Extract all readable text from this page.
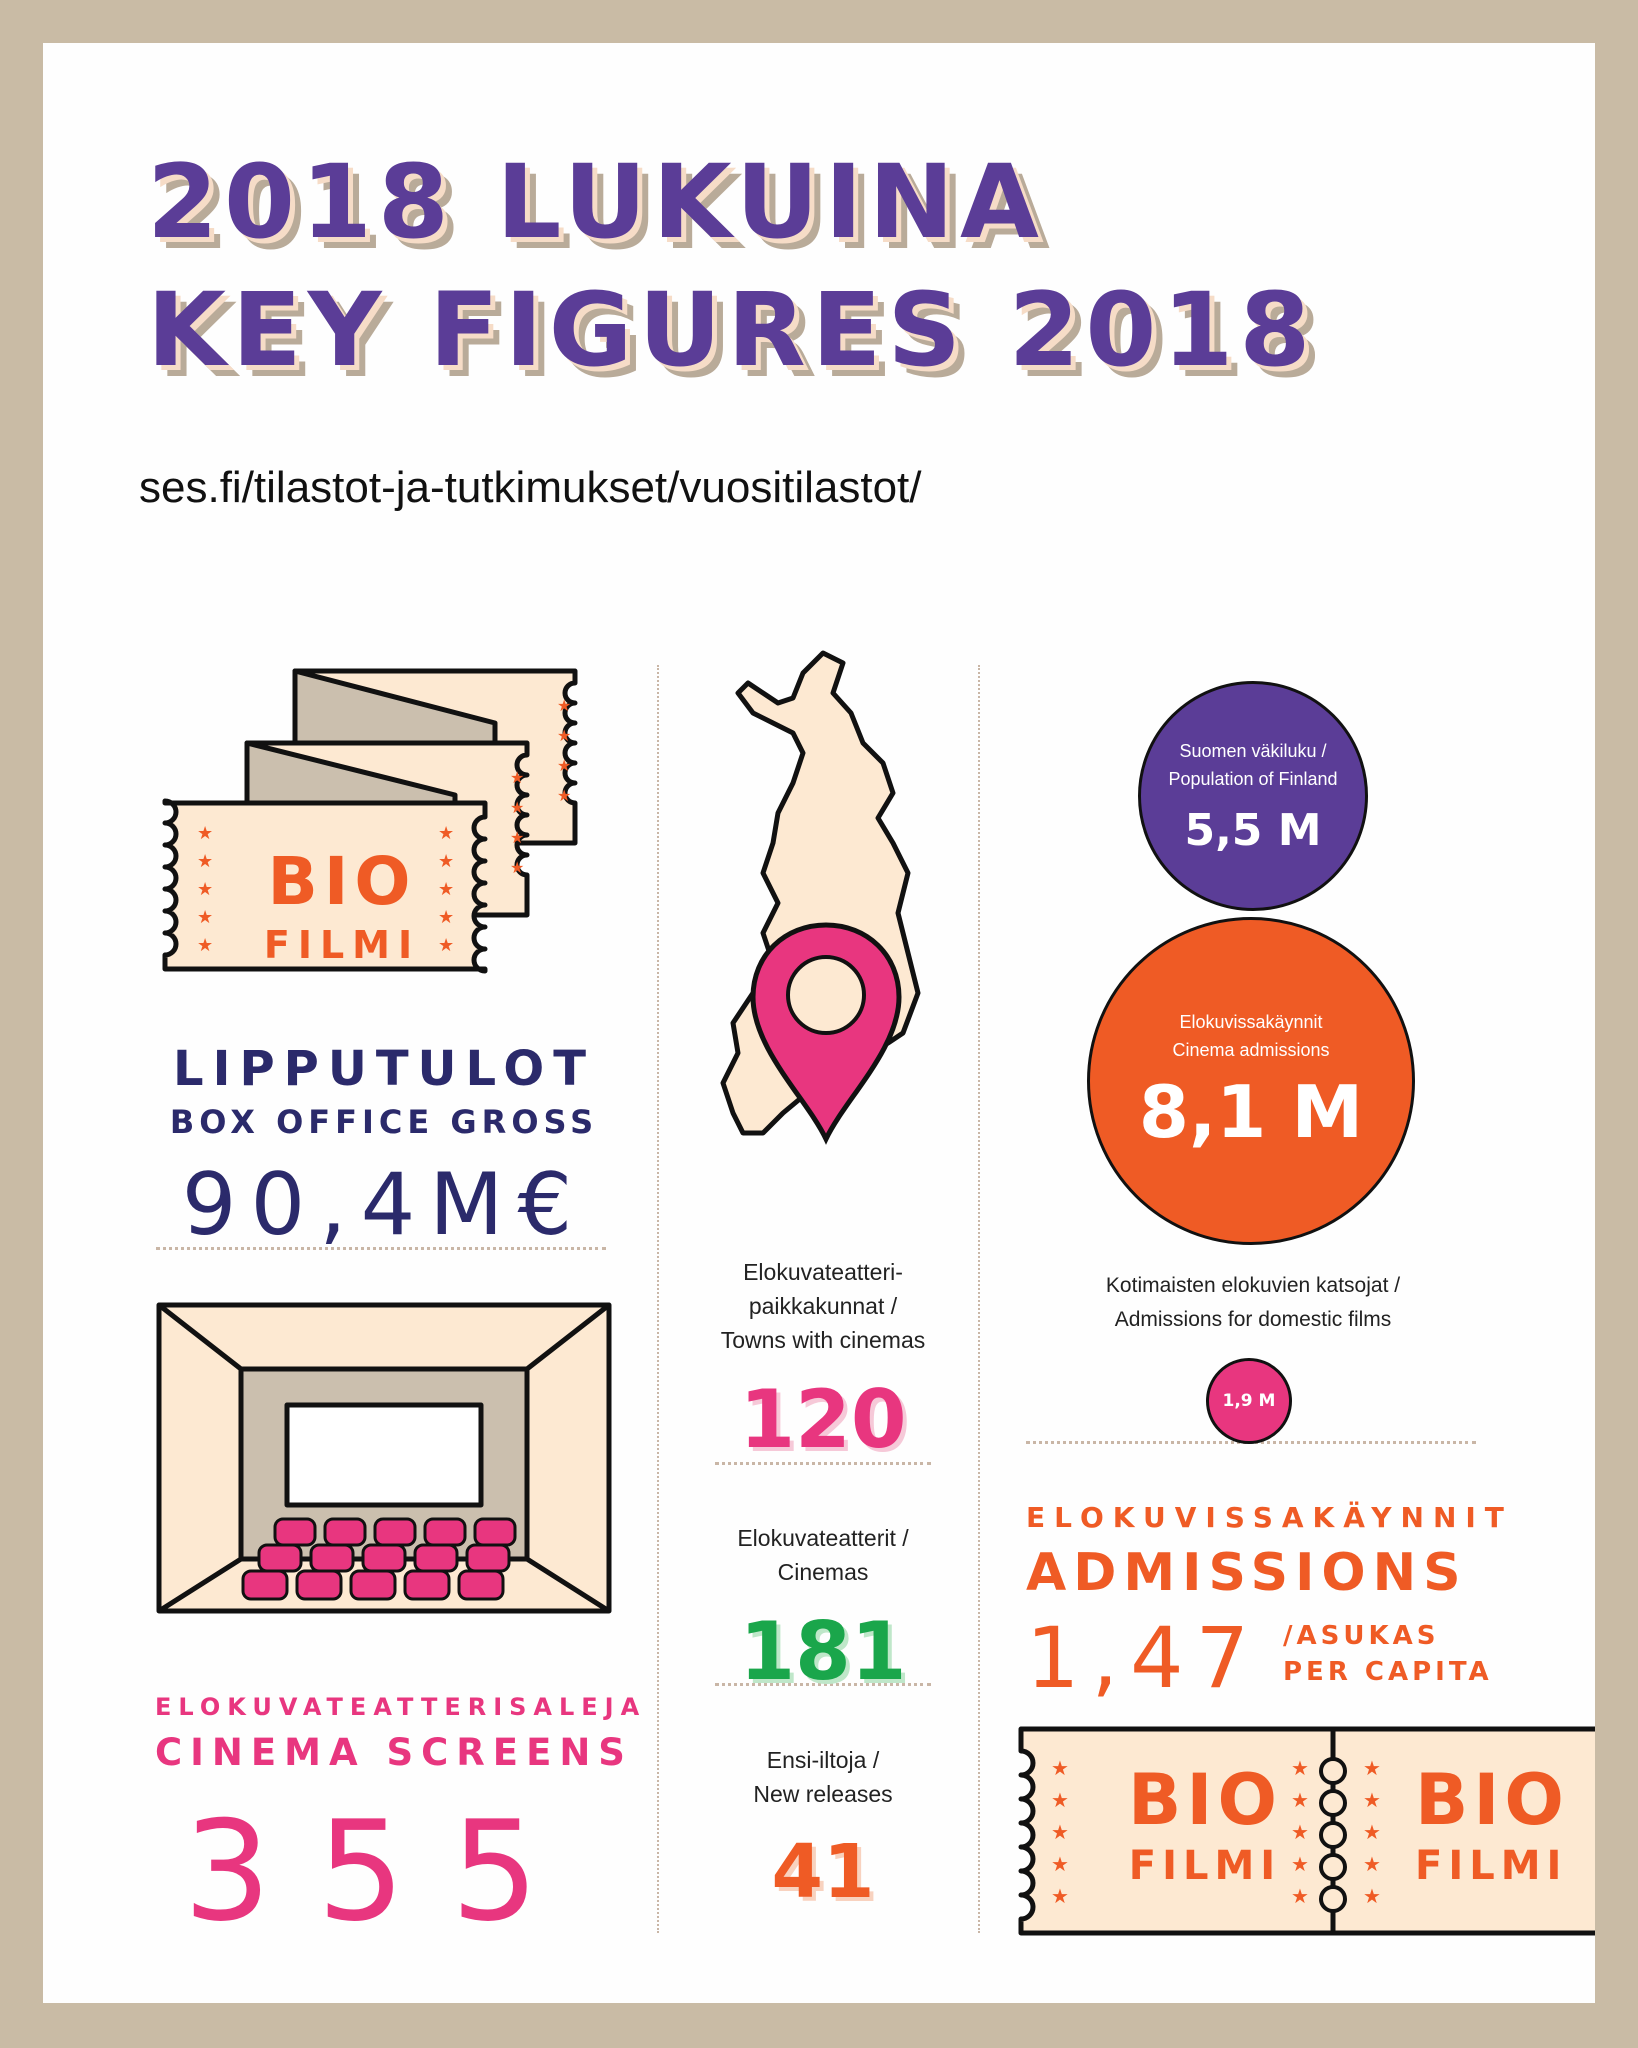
2018 LUKUINA
KEY FIGURES 2018
ses.fi/tilastot-ja-tutkimukset/vuositilastot/
★
★
★
★
★
★
★
★
★
★
★
★
★
★
★
★
★
★
BIO
FILMI
LIPPUTULOT
BOX OFFICE GROSS
90,4M€
ELOKUVATEATTERISALEJA
CINEMA SCREENS
355
Elokuvateatteri-
paikkakunnat /
Towns with cinemas
120
Elokuvateatterit /
Cinemas
181
Ensi-iltoja /
New releases
41
Suomen väkiluku /
Population of Finland
5,5 M
Elokuvissakäynnit
Cinema admissions
8,1 M
Kotimaisten elokuvien katsojat /
Admissions for domestic films
1,9 M
ELOKUVISSAKÄYNNIT
ADMISSIONS
1,47 /ASUKAS
PER CAPITA
★
★
★
★
★
★
★
★
★
★
★
★
★
★
★
BIO
FILMI
BIO
FILMI
